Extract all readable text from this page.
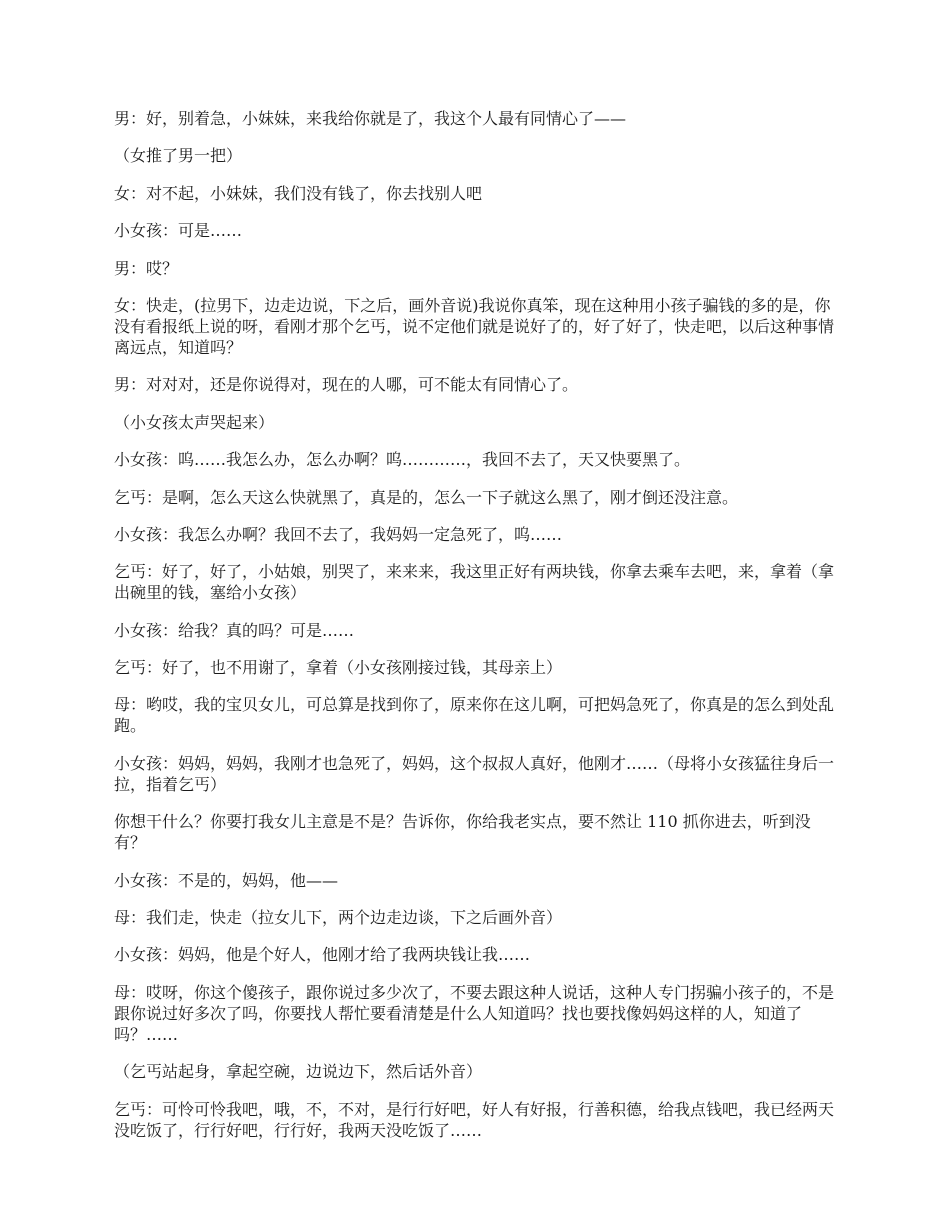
男：好，别着急，小妹妹，来我给你就是了，我这个人最有同情心了——

（女推了男一把）

女：对不起，小妹妹，我们没有钱了，你去找别人吧

小女孩：可是……

男：哎？

女：快走，(拉男下，边走边说，下之后，画外音说)我说你真笨，现在这种用小孩子骗钱的多的是，你没有看报纸上说的呀，看刚才那个乞丐，说不定他们就是说好了的，好了好了，快走吧，以后这种事情离远点，知道吗？

男：对对对，还是你说得对，现在的人哪，可不能太有同情心了。

（小女孩太声哭起来）

小女孩：呜……我怎么办，怎么办啊？呜…………，我回不去了，天又快要黑了。

乞丐：是啊，怎么天这么快就黑了，真是的，怎么一下子就这么黑了，刚才倒还没注意。

小女孩：我怎么办啊？我回不去了，我妈妈一定急死了，呜……

乞丐：好了，好了，小姑娘，别哭了，来来来，我这里正好有两块钱，你拿去乘车去吧，来，拿着（拿出碗里的钱，塞给小女孩）

小女孩：给我？真的吗？可是……

乞丐：好了，也不用谢了，拿着（小女孩刚接过钱，其母亲上）

母：哟哎，我的宝贝女儿，可总算是找到你了，原来你在这儿啊，可把妈急死了，你真是的怎么到处乱跑。

小女孩：妈妈，妈妈，我刚才也急死了，妈妈，这个叔叔人真好，他刚才……（母将小女孩猛往身后一拉，指着乞丐）

你想干什么？你要打我女儿主意是不是？告诉你，你给我老实点，要不然让 110 抓你进去，听到没有？

小女孩：不是的，妈妈，他——

母：我们走，快走（拉女儿下，两个边走边谈，下之后画外音）

小女孩：妈妈，他是个好人，他刚才给了我两块钱让我……

母：哎呀，你这个傻孩子，跟你说过多少次了，不要去跟这种人说话，这种人专门拐骗小孩子的，不是跟你说过好多次了吗，你要找人帮忙要看清楚是什么人知道吗？找也要找像妈妈这样的人，知道了吗？……

（乞丐站起身，拿起空碗，边说边下，然后话外音）

乞丐：可怜可怜我吧，哦，不，不对，是行行好吧，好人有好报，行善积德，给我点钱吧，我已经两天没吃饭了，行行好吧，行行好，我两天没吃饭了……
